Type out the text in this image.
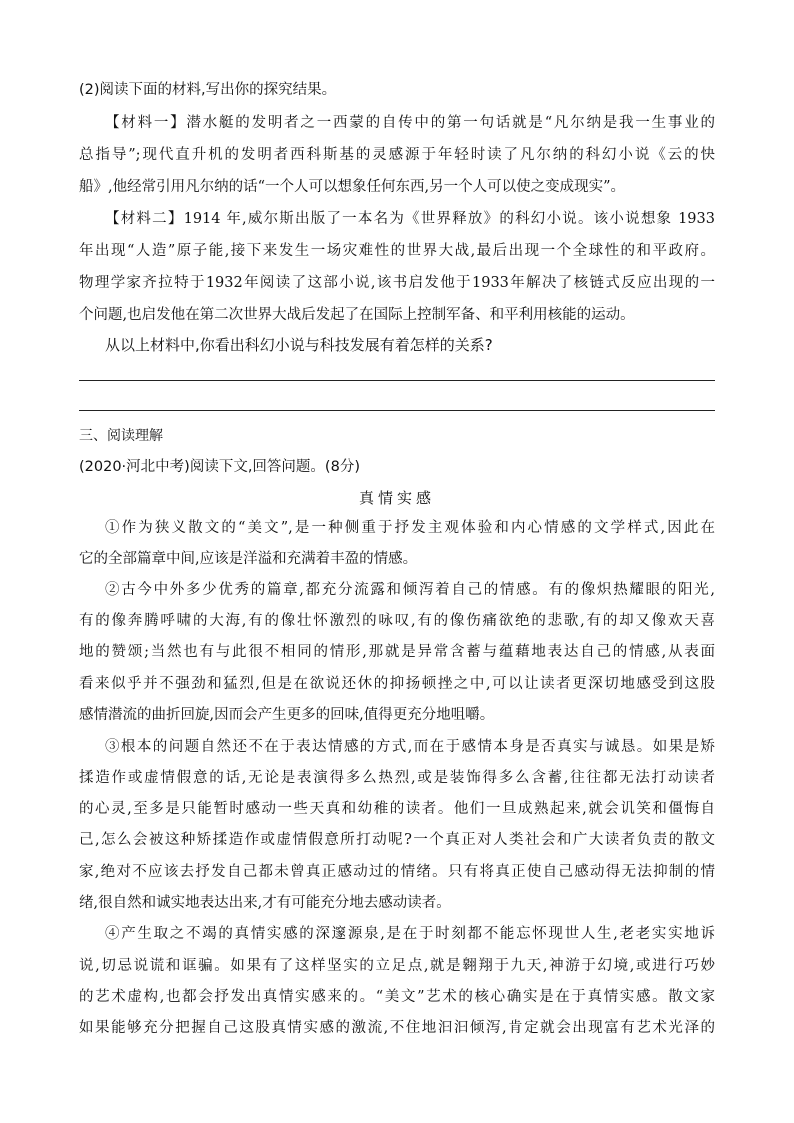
(2)阅读下面的材料,写出你的探究结果。
【材料一】潜水艇的发明者之一西蒙的自传中的第一句话就是“凡尔纳是我一生事业的
总指导”;现代直升机的发明者西科斯基的灵感源于年轻时读了凡尔纳的科幻小说《云的快
船》,他经常引用凡尔纳的话“一个人可以想象任何东西,另一个人可以使之变成现实”。
【材料二】1914 年,威尔斯出版了一本名为《世界释放》的科幻小说。该小说想象 1933
年出现“人造”原子能,接下来发生一场灾难性的世界大战,最后出现一个全球性的和平政府。
物理学家齐拉特于1932年阅读了这部小说,该书启发他于1933年解决了核链式反应出现的一
个问题,也启发他在第二次世界大战后发起了在国际上控制军备、和平利用核能的运动。
从以上材料中,你看出科幻小说与科技发展有着怎样的关系?
三、阅读理解
(2020·河北中考)阅读下文,回答问题。(8分)
真情实感
①作为狭义散文的“美文”,是一种侧重于抒发主观体验和内心情感的文学样式,因此在
它的全部篇章中间,应该是洋溢和充满着丰盈的情感。
②古今中外多少优秀的篇章,都充分流露和倾泻着自己的情感。有的像炽热耀眼的阳光,
有的像奔腾呼啸的大海,有的像壮怀激烈的咏叹,有的像伤痛欲绝的悲歌,有的却又像欢天喜
地的赞颂;当然也有与此很不相同的情形,那就是异常含蓄与蕴藉地表达自己的情感,从表面
看来似乎并不强劲和猛烈,但是在欲说还休的抑扬顿挫之中,可以让读者更深切地感受到这股
感情潜流的曲折回旋,因而会产生更多的回味,值得更充分地咀嚼。
③根本的问题自然还不在于表达情感的方式,而在于感情本身是否真实与诚恳。如果是矫
揉造作或虚情假意的话,无论是表演得多么热烈,或是装饰得多么含蓄,往往都无法打动读者
的心灵,至多是只能暂时感动一些天真和幼稚的读者。他们一旦成熟起来,就会讥笑和僵悔自
己,怎么会被这种矫揉造作或虚情假意所打动呢?一个真正对人类社会和广大读者负责的散文
家,绝对不应该去抒发自己都未曾真正感动过的情绪。只有将真正使自己感动得无法抑制的情
绪,很自然和诚实地表达出来,才有可能充分地去感动读者。
④产生取之不竭的真情实感的深邃源泉,是在于时刻都不能忘怀现世人生,老老实实地诉
说,切忌说谎和诓骗。如果有了这样坚实的立足点,就是翱翔于九天,神游于幻境,或进行巧妙
的艺术虚构,也都会抒发出真情实感来的。“美文”艺术的核心确实是在于真情实感。散文家
如果能够充分把握自己这股真情实感的激流,不住地汩汩倾泻,肯定就会出现富有艺术光泽的
